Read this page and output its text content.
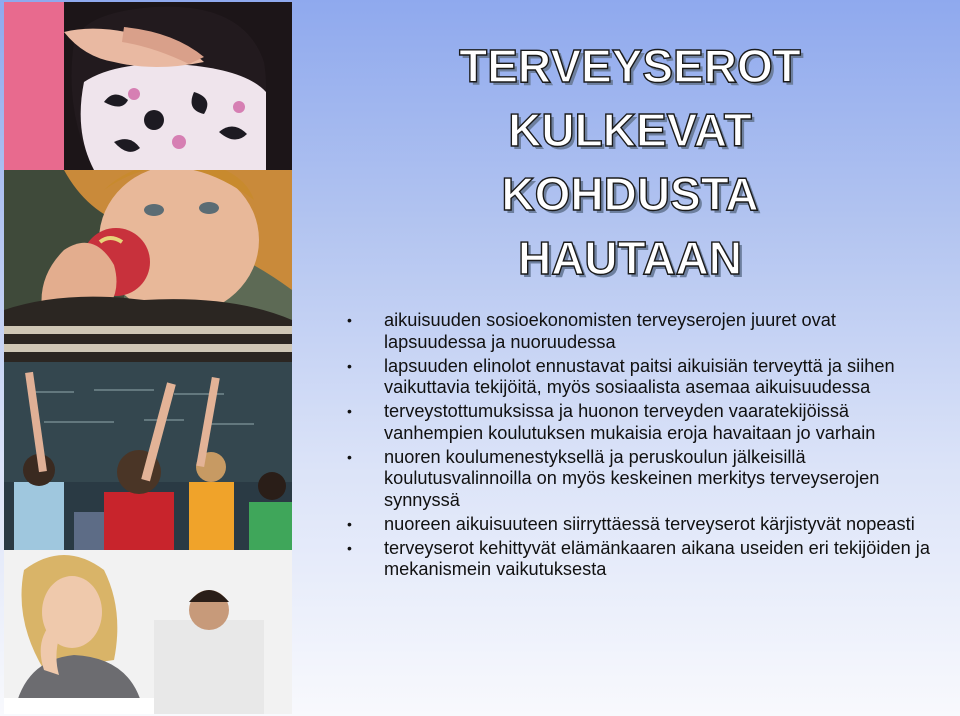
TERVEYSEROT
KULKEVAT
KOHDUSTA
HAUTAAN
• aikuisuuden sosioekonomisten terveyserojen juuret ovat lapsuudessa ja nuoruudessa
• lapsuuden elinolot ennustavat paitsi aikuisiän terveyttä ja siihen vaikuttavia tekijöitä, myös sosiaalista asemaa aikuisuudessa
• terveystottumuksissa ja huonon terveyden vaaratekijöissä vanhempien koulutuksen mukaisia eroja havaitaan jo varhain
• nuoren koulumenestyksellä ja peruskoulun jälkeisillä koulutusvalinnoilla on myös keskeinen merkitys terveyserojen synnyssä
• nuoreen aikuisuuteen siirryttäessä terveyserot kärjistyvät nopeasti
• terveyserot kehittyvät elämänkaaren aikana useiden eri tekijöiden ja mekanismein vaikutuksesta
